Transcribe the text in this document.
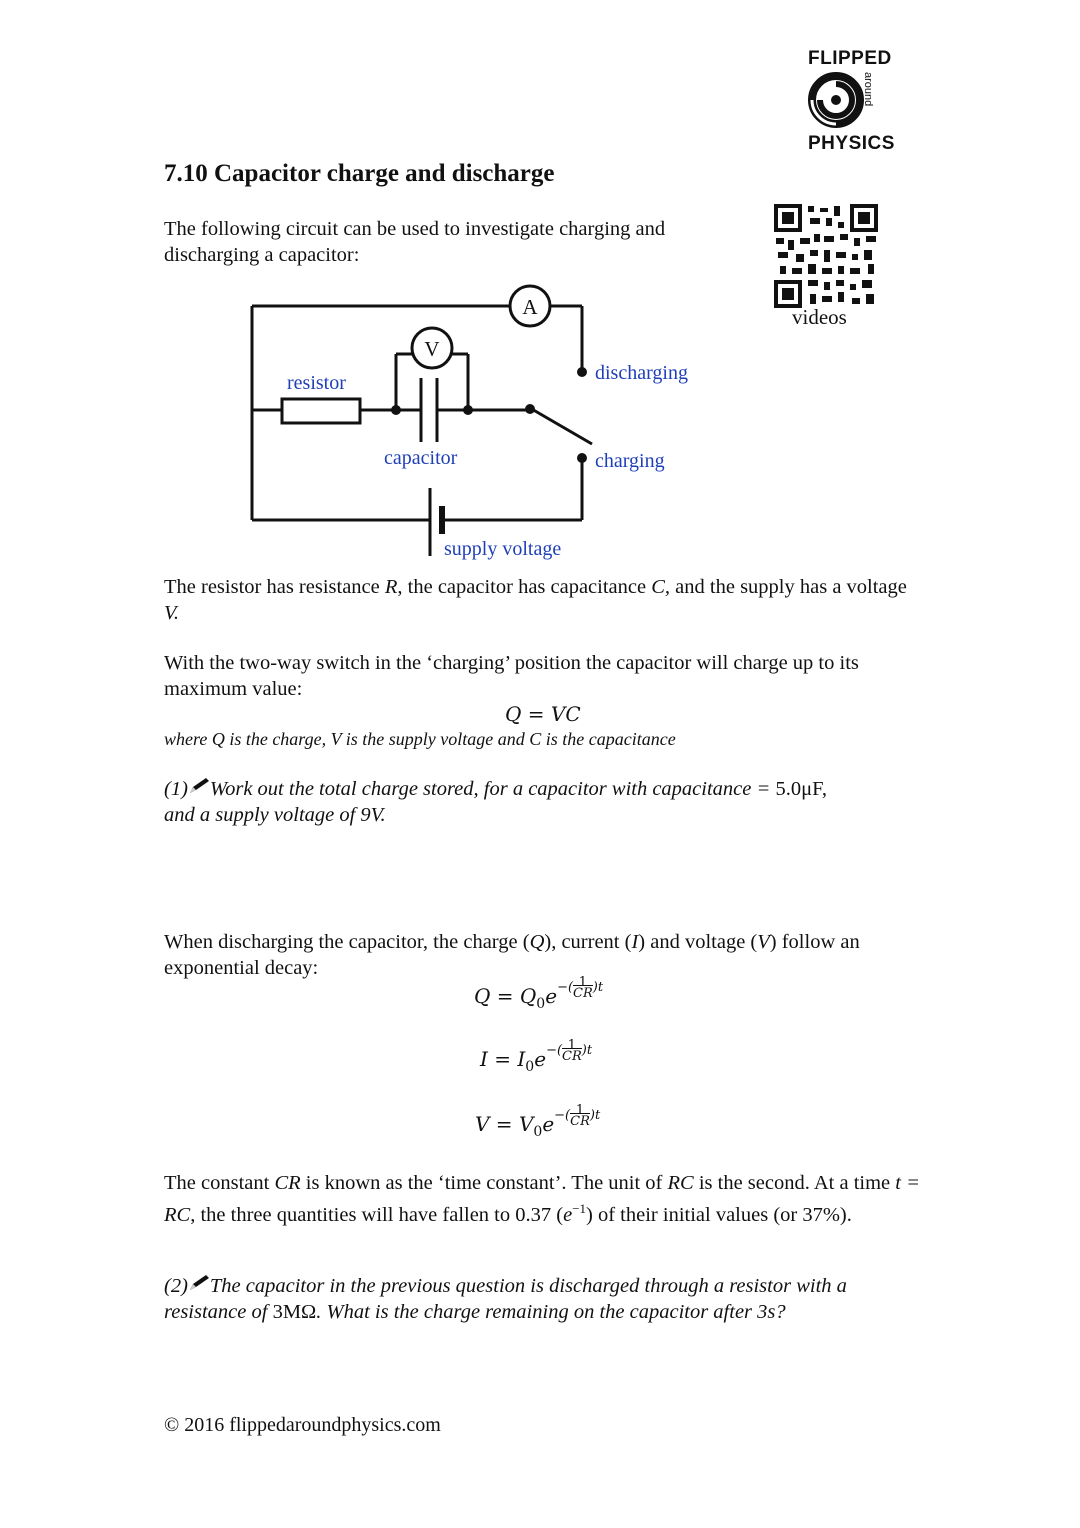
FLIPPED
around
PHYSICS
videos
7.10 Capacitor charge and discharge

The following circuit can be used to investigate charging and discharging a capacitor:

A
V
resistor
capacitor
discharging
charging
supply voltage

The resistor has resistance R, the capacitor has capacitance C, and the supply has a voltage V.

With the two-way switch in the ‘charging’ position the capacitor will charge up to its maximum value:

Q = VC
where Q is the charge, V is the supply voltage and C is the capacitance

(1) Work out the total charge stored, for a capacitor with capacitance = 5.0μF,
and a supply voltage of 9V.

When discharging the capacitor, the charge (Q), current (I) and voltage (V) follow an exponential decay:

$Q = Q_0e^{-( 1 CR)t}$
$I = I_0e^{-( 1 CR)t}$
$V = V_0e^{-( 1 CR)t}$

The constant CR is known as the ‘time constant’. The unit of RC is the second. At a time t = RC, the three quantities will have fallen to 0.37 $(e^{-1})$ of their initial values (or 37%).

(2) The capacitor in the previous question is discharged through a resistor with a resistance of 3MΩ. What is the charge remaining on the capacitor after 3s?

© 2016 flippedaroundphysics.com
